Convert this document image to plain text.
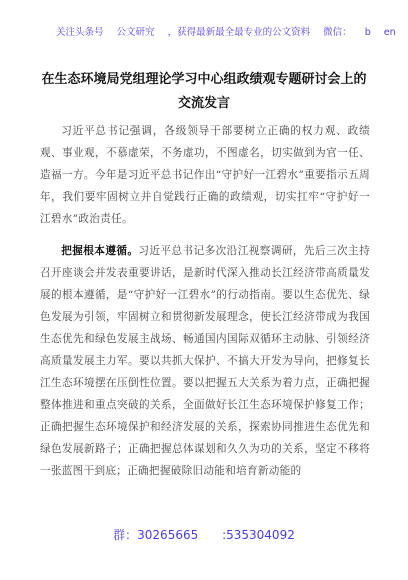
关注头条号 公文研究 ，获得最新最全最专业的公文资料 微信： b en
在生态环境局党组理论学习中心组政绩观专题研讨会上的交流发言

习近平总书记强调，各级领导干部要树立正确的权力观、政绩观、事业观，不慕虚荣，不务虚功，不图虚名，切实做到为官一任、造福一方。今年是习近平总书记作出“守护好一江碧水”重要指示五周年，我们要牢固树立并自觉践行正确的政绩观，切实扛牢“守护好一江碧水”政治责任。

把握根本遵循。习近平总书记多次沿江视察调研，先后三次主持召开座谈会并发表重要讲话，是新时代深入推动长江经济带高质量发展的根本遵循，是“守护好一江碧水”的行动指南。要以生态优先、绿色发展为引领，牢固树立和贯彻新发展理念，使长江经济带成为我国生态优先和绿色发展主战场、畅通国内国际双循环主动脉、引领经济高质量发展主力军。要以共抓大保护、不搞大开发为导向，把修复长江生态环境摆在压倒性位置。要以把握五大关系为着力点，正确把握整体推进和重点突破的关系，全面做好长江生态环境保护修复工作；正确把握生态环境保护和经济发展的关系，探索协同推进生态优先和绿色发展新路子；正确把握总体谋划和久久为功的关系，坚定不移将一张蓝图干到底；正确把握破除旧动能和培育新动能的

群：30265665 :535304092
